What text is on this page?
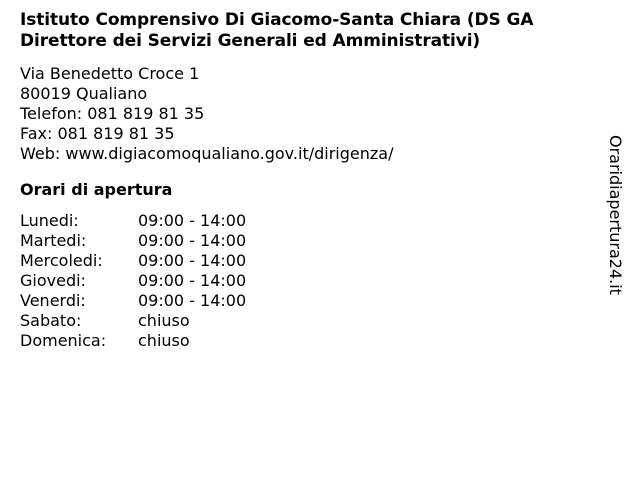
Istituto Comprensivo Di Giacomo-Santa Chiara (DS GA Direttore dei Servizi Generali ed Amministrativi)
Via Benedetto Croce 1
80019 Qualiano
Telefon: 081 819 81 35
Fax: 081 819 81 35
Web: www.digiacomoqualiano.gov.it/dirigenza/
Orari di apertura
Lunedi:	09:00 - 14:00
Martedi:	09:00 - 14:00
Mercoledi:	09:00 - 14:00
Giovedi:	09:00 - 14:00
Venerdi:	09:00 - 14:00
Sabato:	chiuso
Domenica:	chiuso
Oraridiapertura24.it
